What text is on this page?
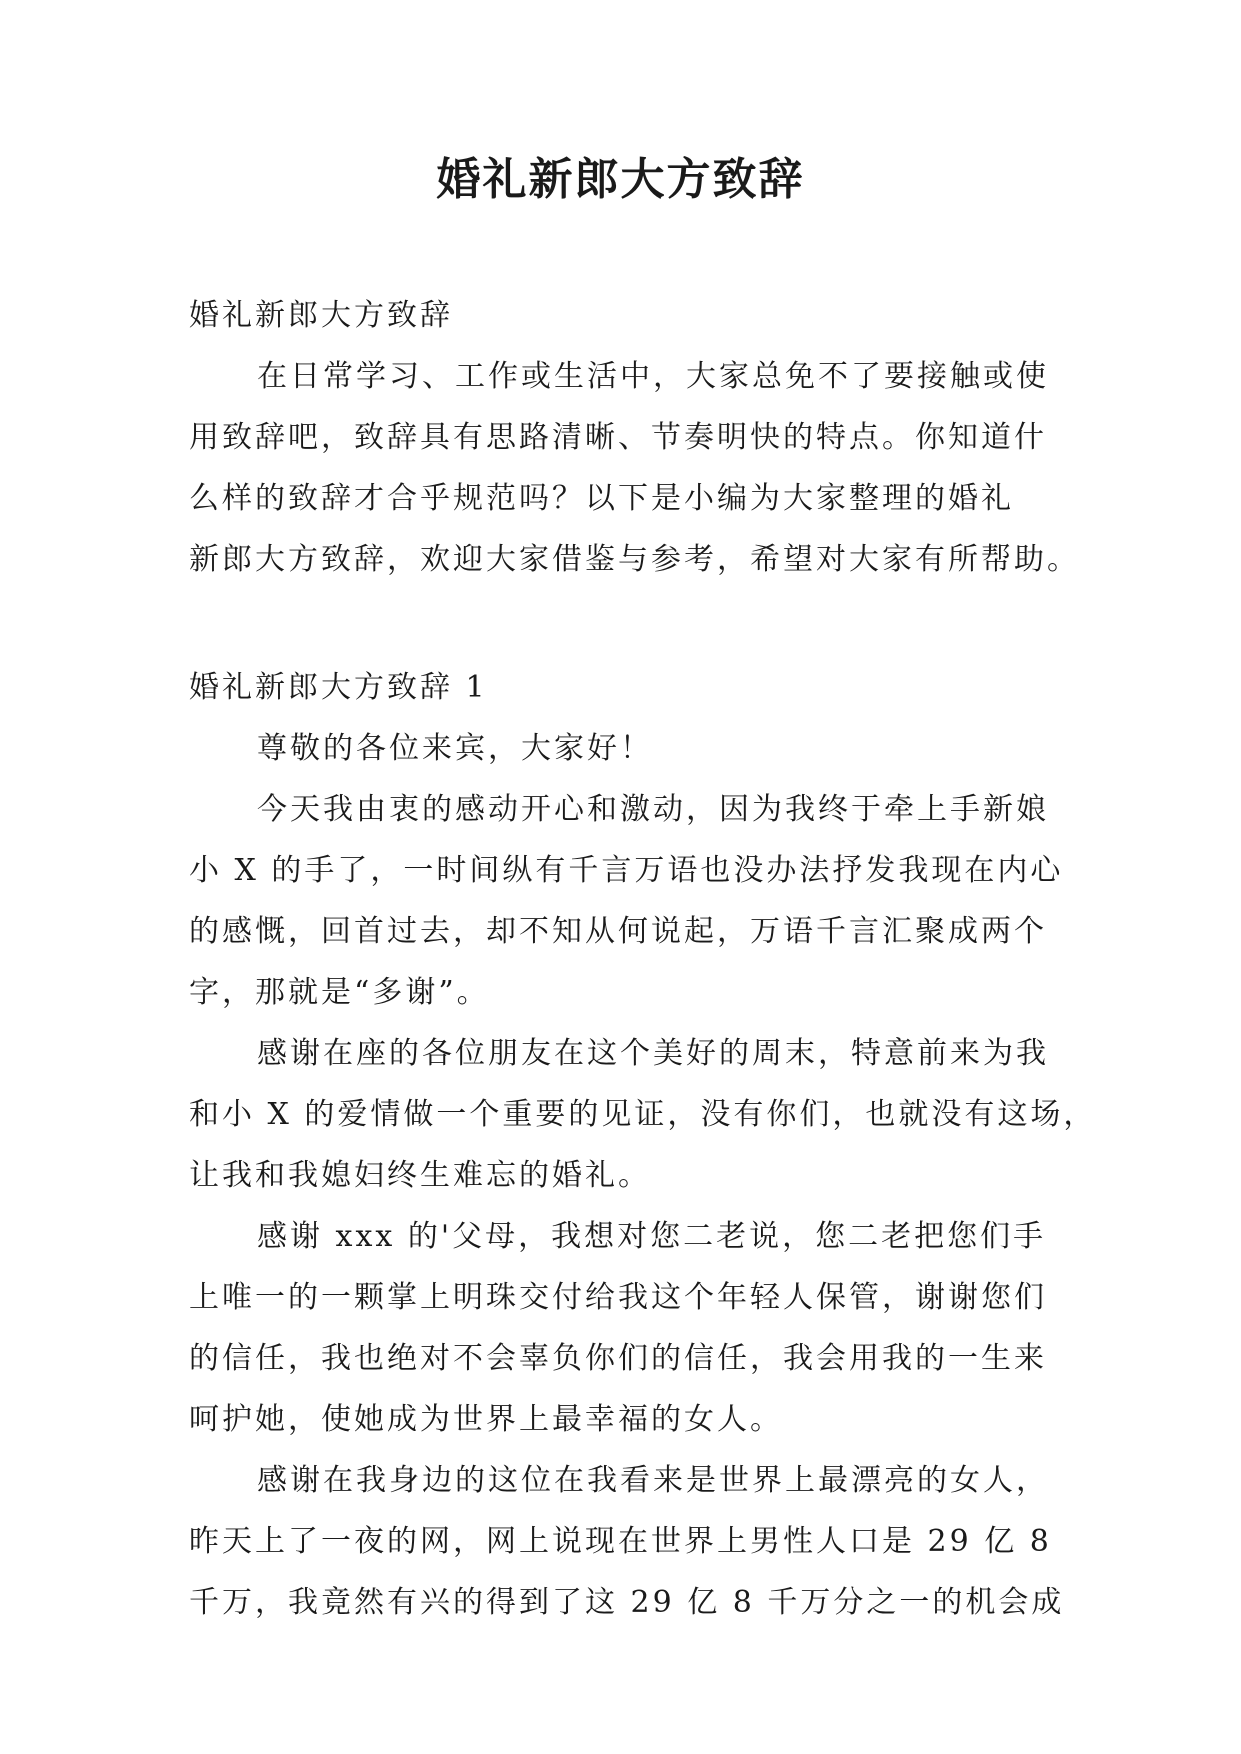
婚礼新郎大方致辞

婚礼新郎大方致辞

在日常学习、工作或生活中，大家总免不了要接触或使

用致辞吧，致辞具有思路清晰、节奏明快的特点。你知道什

么样的致辞才合乎规范吗？以下是小编为大家整理的婚礼

新郎大方致辞，欢迎大家借鉴与参考，希望对大家有所帮助。

婚礼新郎大方致辞 1

尊敬的各位来宾，大家好！

今天我由衷的感动开心和激动，因为我终于牵上手新娘

小 X 的手了，一时间纵有千言万语也没办法抒发我现在内心

的感慨，回首过去，却不知从何说起，万语千言汇聚成两个

字，那就是“多谢”。

感谢在座的各位朋友在这个美好的周末，特意前来为我

和小 X 的爱情做一个重要的见证，没有你们，也就没有这场，

让我和我媳妇终生难忘的婚礼。

感谢 xxx 的'父母，我想对您二老说，您二老把您们手

上唯一的一颗掌上明珠交付给我这个年轻人保管，谢谢您们

的信任，我也绝对不会辜负你们的信任，我会用我的一生来

呵护她，使她成为世界上最幸福的女人。

感谢在我身边的这位在我看来是世界上最漂亮的女人，

昨天上了一夜的网，网上说现在世界上男性人口是 29 亿 8

千万，我竟然有兴的得到了这 29 亿 8 千万分之一的机会成
